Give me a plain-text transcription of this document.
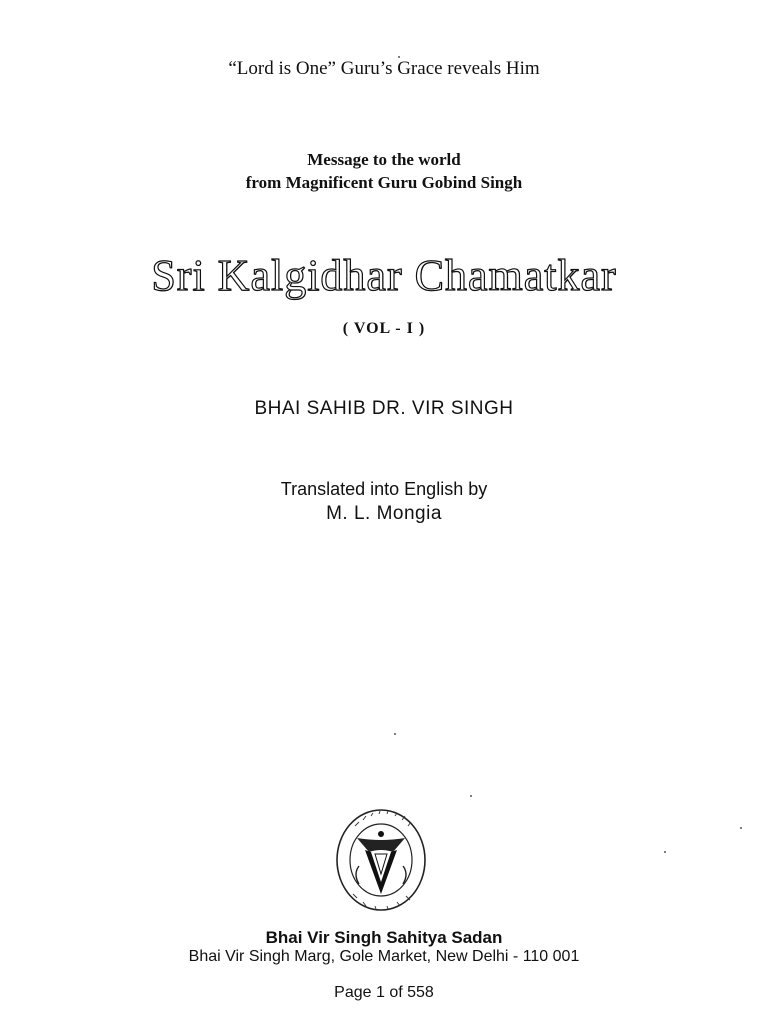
“Lord is One” Guru’s Grace reveals Him
Message to the world
from Magnificent Guru Gobind Singh
Sri Kalgidhar Chamatkar
( VOL - I )
BHAI SAHIB DR. VIR SINGH
Translated into English by
M. L. Mongia
Bhai Vir Singh Sahitya Sadan
Bhai Vir Singh Marg, Gole Market, New Delhi - 110 001
Page 1 of 558
